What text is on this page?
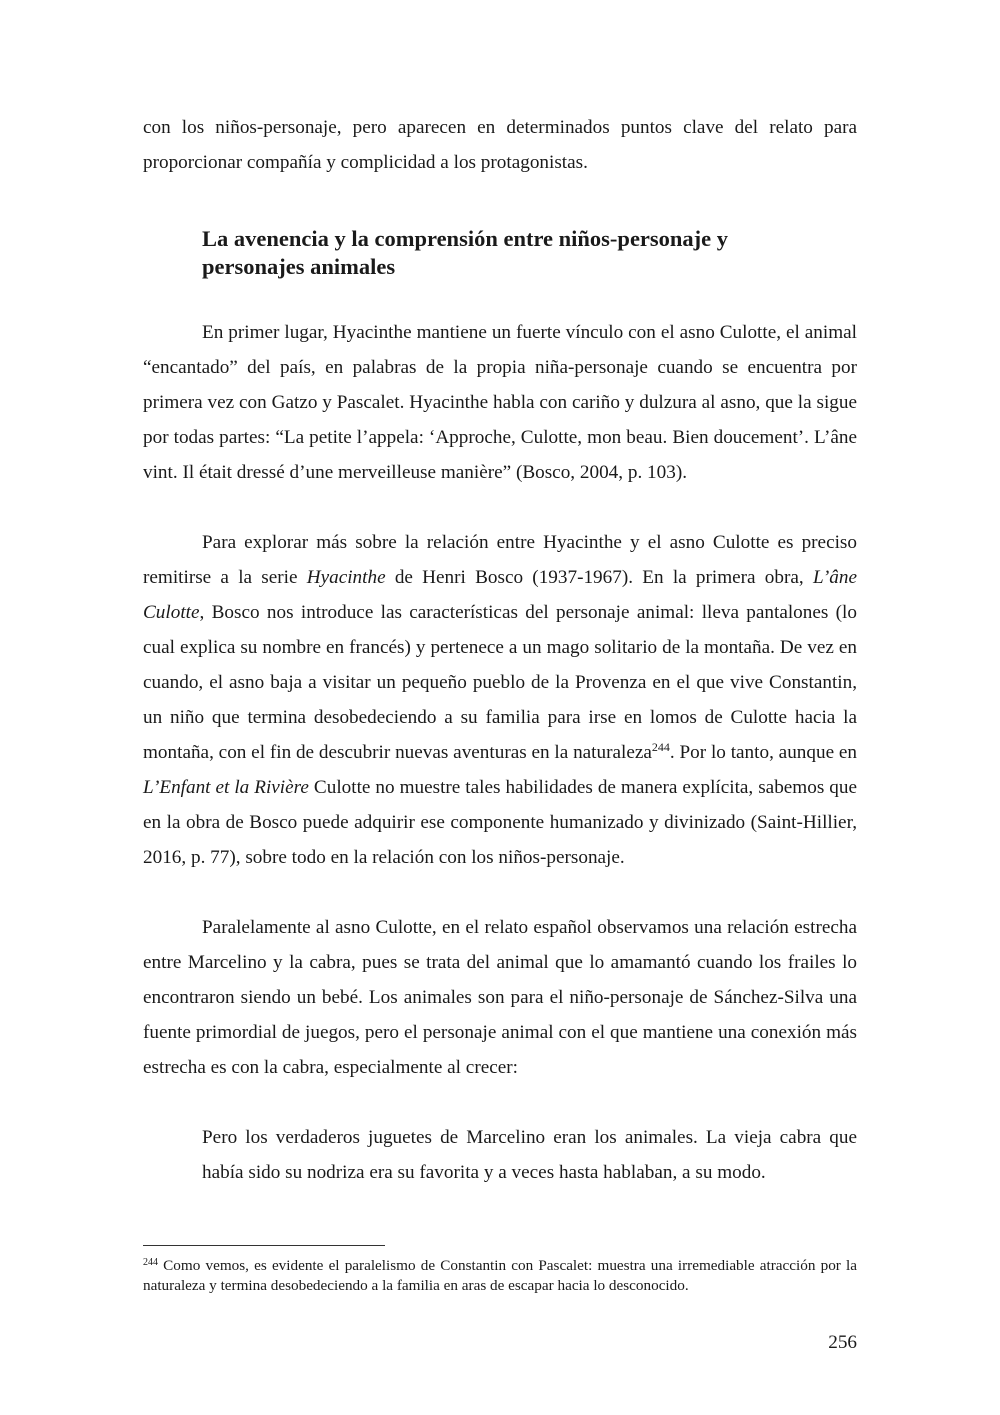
con los niños-personaje, pero aparecen en determinados puntos clave del relato para proporcionar compañía y complicidad a los protagonistas.

La avenencia y la comprensión entre niños-personaje y personajes animales

En primer lugar, Hyacinthe mantiene un fuerte vínculo con el asno Culotte, el animal “encantado” del país, en palabras de la propia niña-personaje cuando se encuentra por primera vez con Gatzo y Pascalet. Hyacinthe habla con cariño y dulzura al asno, que la sigue por todas partes: “La petite l’appela: ‘Approche, Culotte, mon beau. Bien doucement’. L’âne vint. Il était dressé d’une merveilleuse manière” (Bosco, 2004, p. 103).

Para explorar más sobre la relación entre Hyacinthe y el asno Culotte es preciso remitirse a la serie Hyacinthe de Henri Bosco (1937-1967). En la primera obra, L’âne Culotte, Bosco nos introduce las características del personaje animal: lleva pantalones (lo cual explica su nombre en francés) y pertenece a un mago solitario de la montaña. De vez en cuando, el asno baja a visitar un pequeño pueblo de la Provenza en el que vive Constantin, un niño que termina desobedeciendo a su familia para irse en lomos de Culotte hacia la montaña, con el fin de descubrir nuevas aventuras en la naturaleza$^{244}$. Por lo tanto, aunque en L’Enfant et la Rivière Culotte no muestre tales habilidades de manera explícita, sabemos que en la obra de Bosco puede adquirir ese componente humanizado y divinizado (Saint-Hillier, 2016, p. 77), sobre todo en la relación con los niños-personaje.

Paralelamente al asno Culotte, en el relato español observamos una relación estrecha entre Marcelino y la cabra, pues se trata del animal que lo amamantó cuando los frailes lo encontraron siendo un bebé. Los animales son para el niño-personaje de Sánchez-Silva una fuente primordial de juegos, pero el personaje animal con el que mantiene una conexión más estrecha es con la cabra, especialmente al crecer:

Pero los verdaderos juguetes de Marcelino eran los animales. La vieja cabra que había sido su nodriza era su favorita y a veces hasta hablaban, a su modo.

$^{244}$ Como vemos, es evidente el paralelismo de Constantin con Pascalet: muestra una irremediable atracción por la naturaleza y termina desobedeciendo a la familia en aras de escapar hacia lo desconocido.
256
